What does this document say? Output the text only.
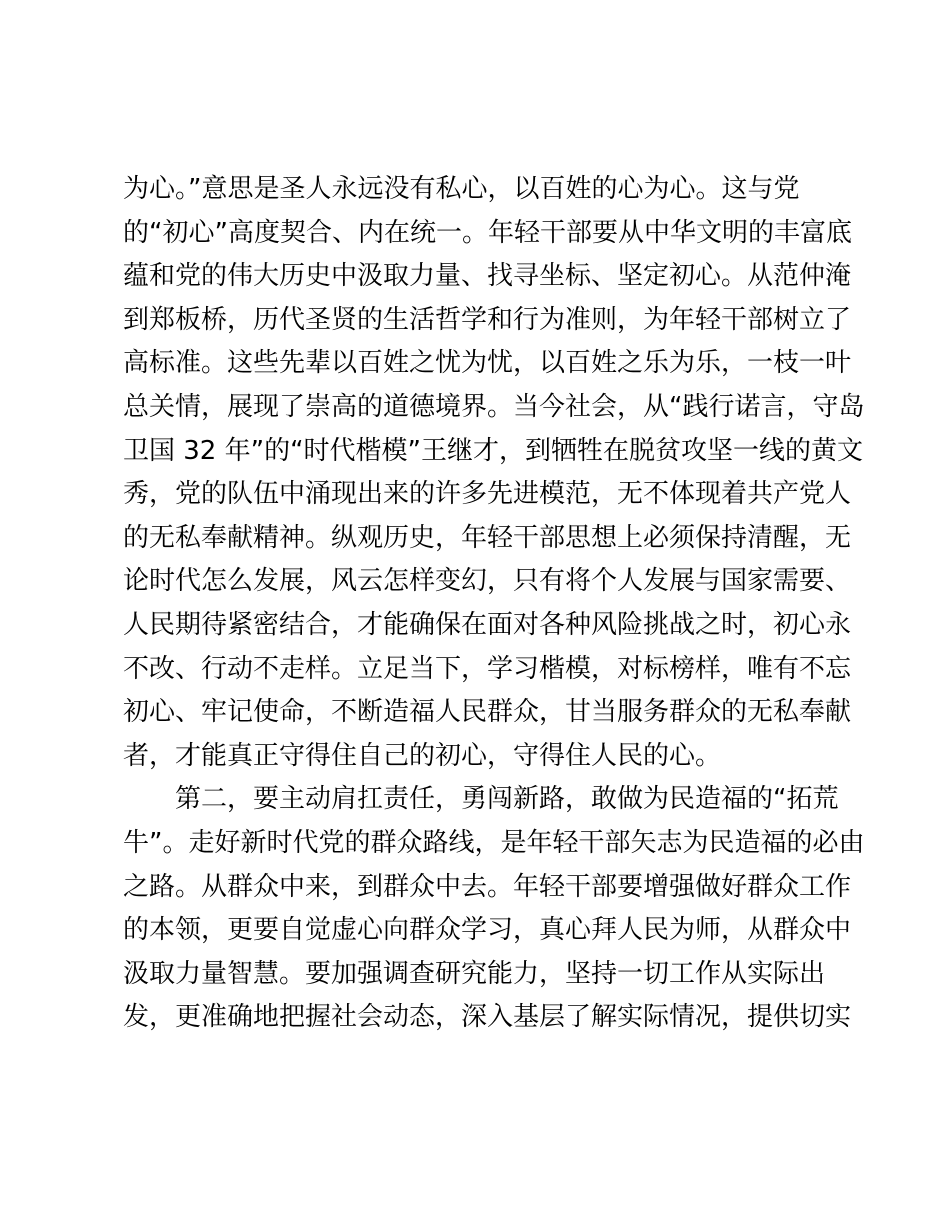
为心。”意思是圣人永远没有私心，以百姓的心为心。这与党
的“初心”高度契合、内在统一。年轻干部要从中华文明的丰富底
蕴和党的伟大历史中汲取力量、找寻坐标、坚定初心。从范仲淹
到郑板桥，历代圣贤的生活哲学和行为准则，为年轻干部树立了
高标准。这些先辈以百姓之忧为忧，以百姓之乐为乐，一枝一叶
总关情，展现了崇高的道德境界。当今社会，从“践行诺言，守岛
卫国 32 年”的“时代楷模”王继才，到牺牲在脱贫攻坚一线的黄文
秀，党的队伍中涌现出来的许多先进模范，无不体现着共产党人
的无私奉献精神。纵观历史，年轻干部思想上必须保持清醒，无
论时代怎么发展，风云怎样变幻，只有将个人发展与国家需要、
人民期待紧密结合，才能确保在面对各种风险挑战之时，初心永
不改、行动不走样。立足当下，学习楷模，对标榜样，唯有不忘
初心、牢记使命，不断造福人民群众，甘当服务群众的无私奉献
者，才能真正守得住自己的初心，守得住人民的心。
第二，要主动肩扛责任，勇闯新路，敢做为民造福的“拓荒
牛”。走好新时代党的群众路线，是年轻干部矢志为民造福的必由
之路。从群众中来，到群众中去。年轻干部要增强做好群众工作
的本领，更要自觉虚心向群众学习，真心拜人民为师，从群众中
汲取力量智慧。要加强调查研究能力，坚持一切工作从实际出
发，更准确地把握社会动态，深入基层了解实际情况，提供切实
